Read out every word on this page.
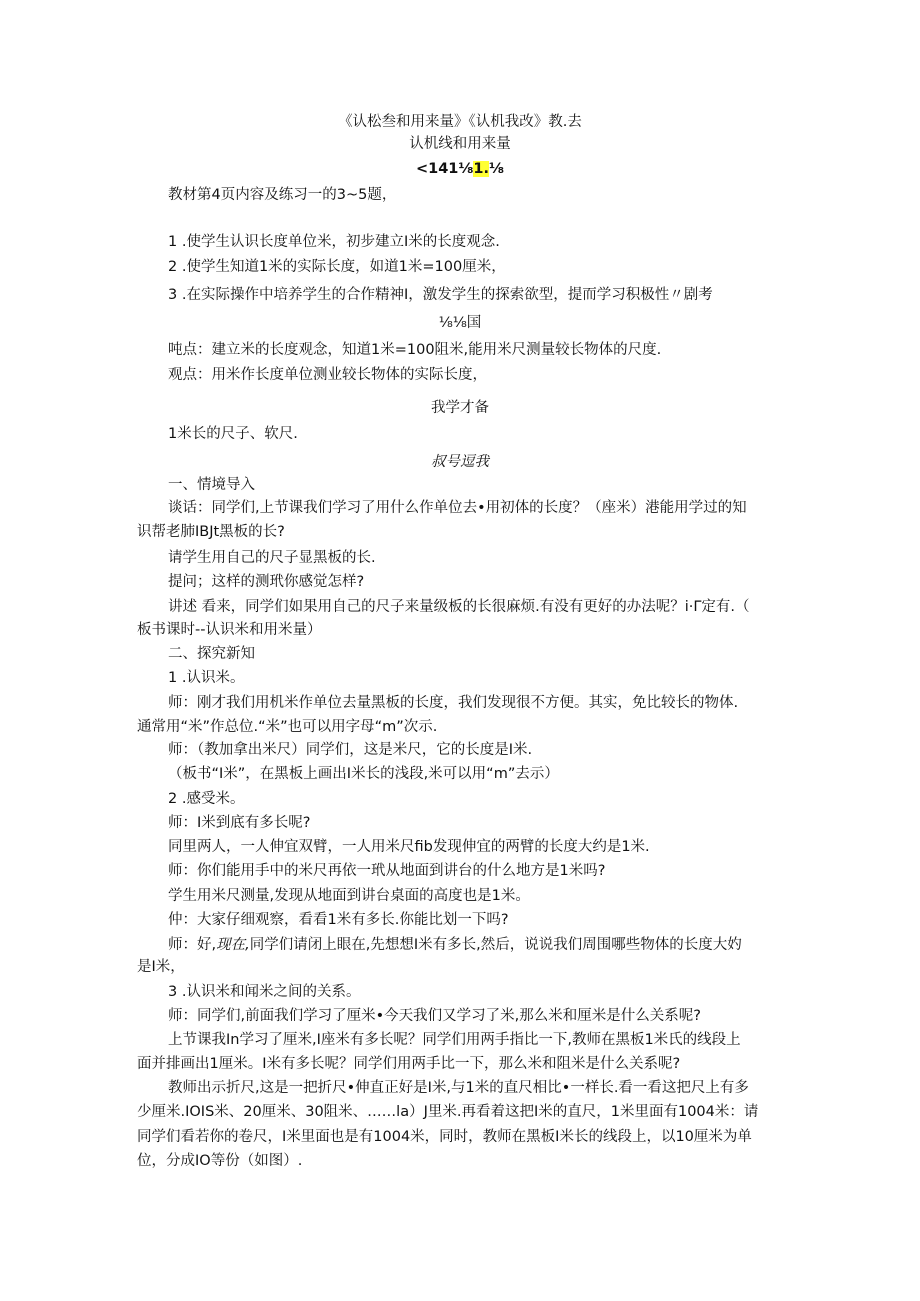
《认松叁和用来量》《认机我改》教.去
认机线和用来量
<141⅛1.⅛
教材第4页内容及练习一的3~5题，
1 .使学生认识长度单位米，初步建立I米的长度观念.
2 .使学生知道1米的实际长度，如道1米=100厘米，
3 .在实际操作中培养学生的合作精神I，激发学生的探索欲型，提而学习积极性〃剧考
⅛⅛国
吨点：建立米的长度观念，知道1米=100阻米,能用米尺测量较长物体的尺度.
观点：用米作长度单位测业较长物体的实际长度，
我学才备
1米长的尺子、软尺.
叔号逗我
一、情境导入
谈话：同学们,上节课我们学习了用什么作单位去•用初体的长度？（座米）港能用学过的知
识帮老肺IBJt黑板的长?
请学生用自己的尺子显黑板的长.
提问；这样的测玳你感觉怎样?
讲述 看来，同学们如果用自己的尺子来量级板的长很麻烦.有没有更好的办法呢？i·Γ定有.（
板书课时--认识米和用米量）
二、探究新知
1 .认识米。
师：刚才我们用机米作单位去量黑板的长度，我们发现很不方便。其实，免比较长的物体.
通常用“米”作总位.“米”也可以用字母“m”次示.
师：（教加拿出米尺）同学们，这是米尺，它的长度是I米.
（板书“I米”，在黑板上画出I米长的浅段,米可以用“m”去示）
2 .感受米。
师：I米到底有多长呢?
同里两人，一人伸宜双臂，一人用米尺fib发现伸宜的两臂的长度大约是1米.
师：你们能用手中的米尺再依一玳从地面到讲台的什么地方是1米吗?
学生用米尺测量,发现从地面到讲台桌面的高度也是1米。
仲：大家仔细观察，看看1米有多长.你能比划一下吗?
师：好,现在,同学们请闭上眼在,先想想I米有多长,然后，说说我们周围哪些物体的长度大妁
是I米，
3 .认识米和闻米之间的关系。
师：同学们,前面我们学习了厘米•今天我们又学习了米,那么米和厘米是什么关系呢?
上节课我In学习了厘米,I座米有多长呢？同学们用两手指比一下,教师在黑板1米氏的线段上
面并排画出1厘米。I米有多长呢？同学们用两手比一下，那么米和阻米是什么关系呢?
教师出示折尺,这是一把折尺•伸直正好是I米,与1米的直尺相比•一样长.看一看这把尺上有多
少厘米.IOIS米、20厘米、30阻米、……la）J里米.再看着这把I米的直尺，1米里面有1004米：请
同学们看若你的卷尺，I米里面也是有1004米，同时，教师在黑板I米长的线段上，以10厘米为单
位，分成IO等份（如图）.
